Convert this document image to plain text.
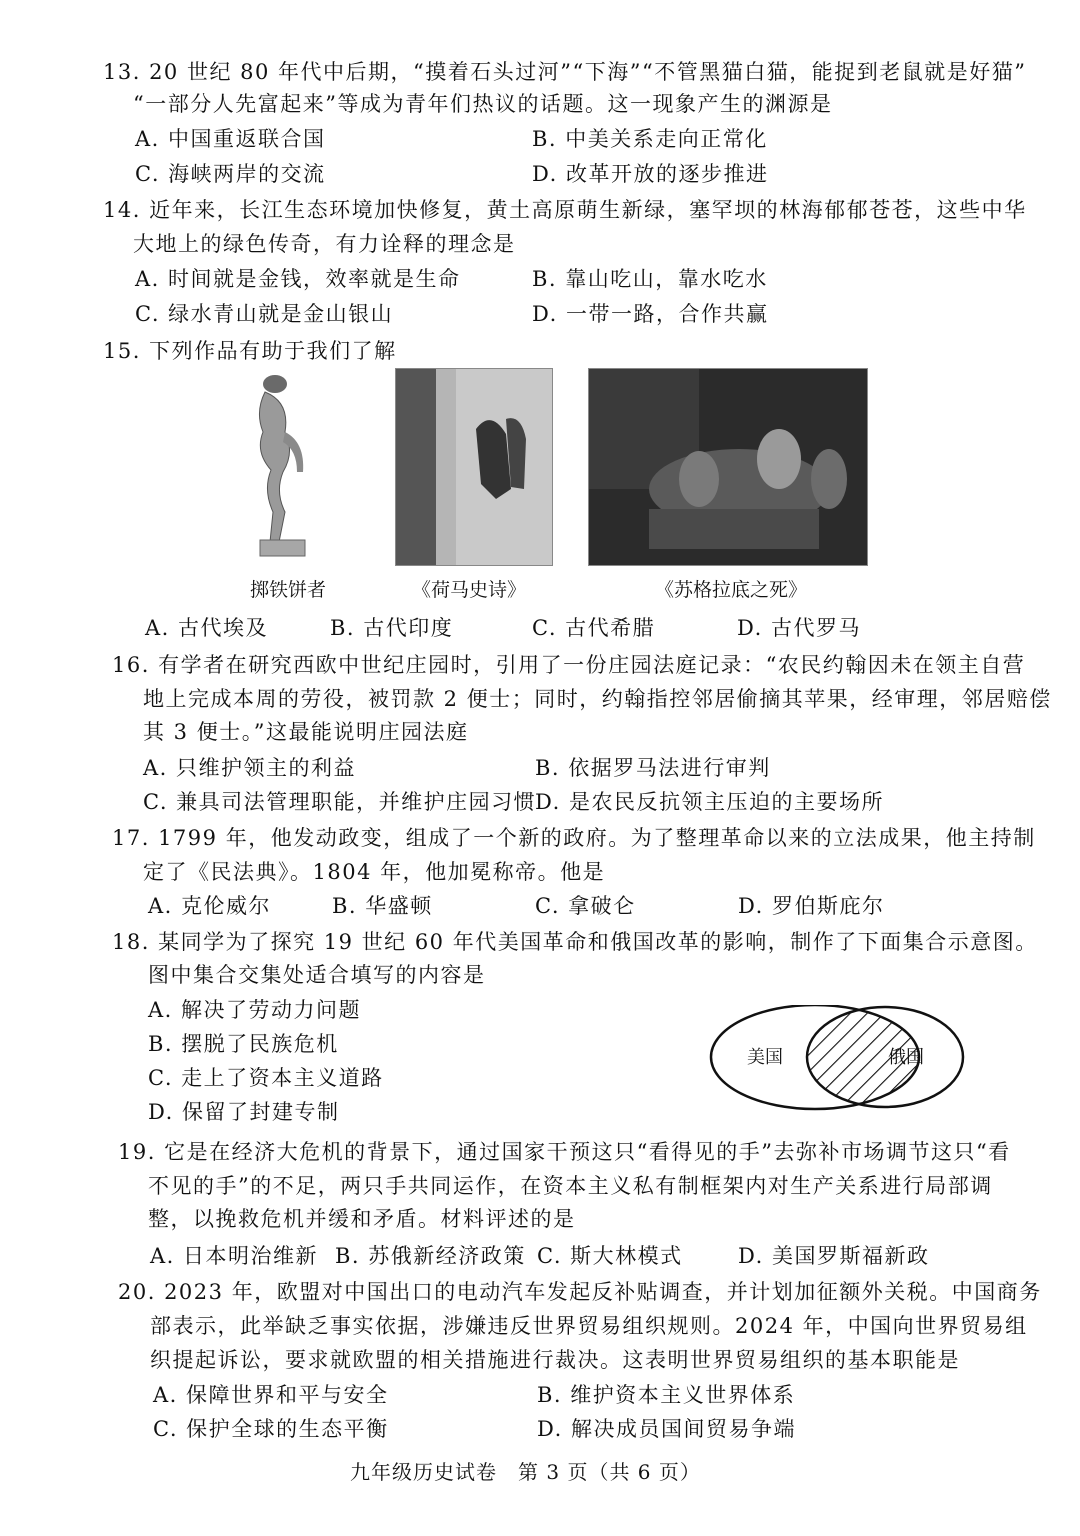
13. 20 世纪 80 年代中后期，“摸着石头过河”“下海”“不管黑猫白猫，能捉到老鼠就是好猫”
“一部分人先富起来”等成为青年们热议的话题。这一现象产生的渊源是
A. 中国重返联合国	B. 中美关系走向正常化
C. 海峡两岸的交流	D. 改革开放的逐步推进
14. 近年来，长江生态环境加快修复，黄土高原萌生新绿，塞罕坝的林海郁郁苍苍，这些中华
大地上的绿色传奇，有力诠释的理念是
A. 时间就是金钱，效率就是生命	B. 靠山吃山，靠水吃水
C. 绿水青山就是金山银山	D. 一带一路，合作共赢
15. 下列作品有助于我们了解
掷铁饼者	《荷马史诗》	《苏格拉底之死》
A. 古代埃及	B. 古代印度	C. 古代希腊	D. 古代罗马
16. 有学者在研究西欧中世纪庄园时，引用了一份庄园法庭记录：“农民约翰因未在领主自营
地上完成本周的劳役，被罚款 2 便士；同时，约翰指控邻居偷摘其苹果，经审理，邻居赔偿
其 3 便士。”这最能说明庄园法庭
A. 只维护领主的利益	B. 依据罗马法进行审判
C. 兼具司法管理职能，并维护庄园习惯
D. 是农民反抗领主压迫的主要场所
17. 1799 年，他发动政变，组成了一个新的政府。为了整理革命以来的立法成果，他主持制
定了《民法典》。1804 年，他加冕称帝。他是
A. 克伦威尔	B. 华盛顿	C. 拿破仑	D. 罗伯斯庇尔
18. 某同学为了探究 19 世纪 60 年代美国革命和俄国改革的影响，制作了下面集合示意图。
图中集合交集处适合填写的内容是
A. 解决了劳动力问题
B. 摆脱了民族危机
C. 走上了资本主义道路
D. 保留了封建专制
美国	俄国
19. 它是在经济大危机的背景下，通过国家干预这只“看得见的手”去弥补市场调节这只“看
不见的手”的不足，两只手共同运作，在资本主义私有制框架内对生产关系进行局部调
整，以挽救危机并缓和矛盾。材料评述的是
A. 日本明治维新 B. 苏俄新经济政策 C. 斯大林模式	D. 美国罗斯福新政
20. 2023 年，欧盟对中国出口的电动汽车发起反补贴调查，并计划加征额外关税。中国商务
部表示，此举缺乏事实依据，涉嫌违反世界贸易组织规则。2024 年，中国向世界贸易组
织提起诉讼，要求就欧盟的相关措施进行裁决。这表明世界贸易组织的基本职能是
A. 保障世界和平与安全	B. 维护资本主义世界体系
C. 保护全球的生态平衡	D. 解决成员国间贸易争端
九年级历史试卷　第 3 页（共 6 页）
